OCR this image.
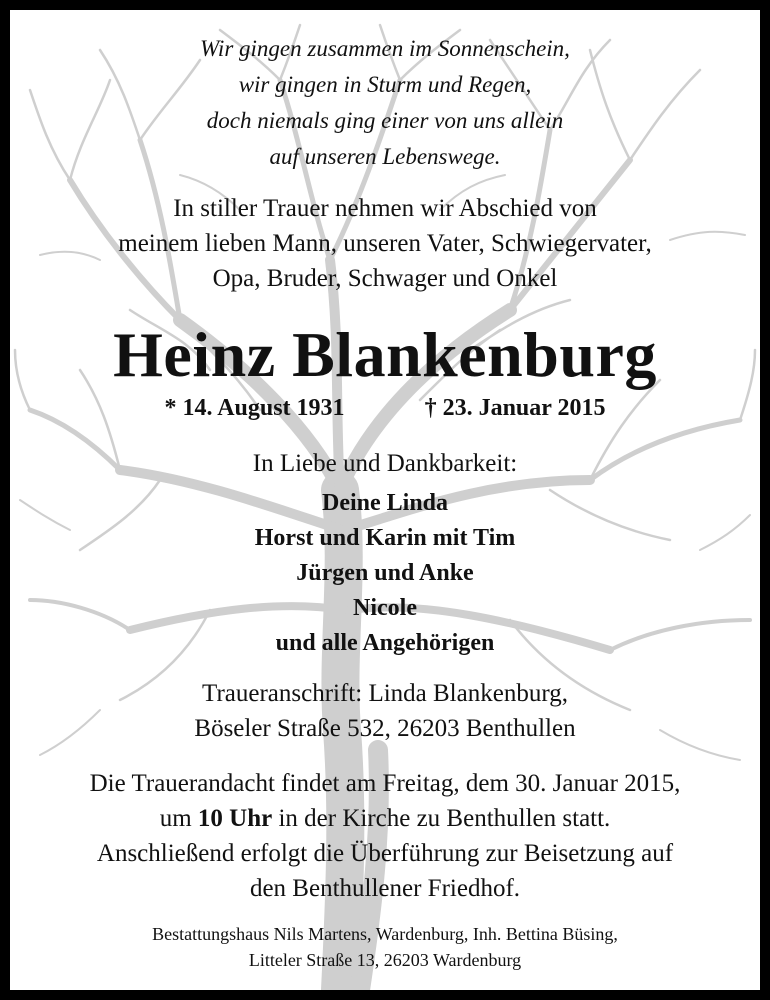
Wir gingen zusammen im Sonnenschein,
wir gingen in Sturm und Regen,
doch niemals ging einer von uns allein
auf unseren Lebenswege.
In stiller Trauer nehmen wir Abschied von
meinem lieben Mann, unseren Vater, Schwiegervater,
Opa, Bruder, Schwager und Onkel
Heinz Blankenburg
* 14. August 1931	† 23. Januar 2015
In Liebe und Dankbarkeit:
Deine Linda
Horst und Karin mit Tim
Jürgen und Anke
Nicole
und alle Angehörigen
Traueranschrift: Linda Blankenburg,
Böseler Straße 532, 26203 Benthullen
Die Trauerandacht findet am Freitag, dem 30. Januar 2015,
um 10 Uhr in der Kirche zu Benthullen statt.
Anschließend erfolgt die Überführung zur Beisetzung auf
den Benthullener Friedhof.
Bestattungshaus Nils Martens, Wardenburg, Inh. Bettina Büsing,
Litteler Straße 13, 26203 Wardenburg
